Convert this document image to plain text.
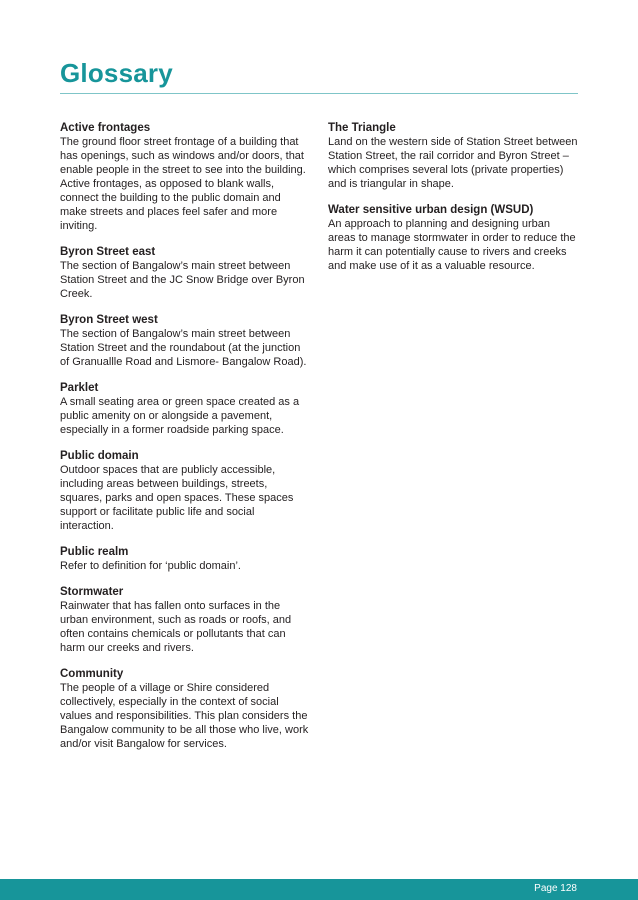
Glossary
Active frontages
The ground floor street frontage of a building that has openings, such as windows and/or doors, that enable people in the street to see into the building. Active frontages, as opposed to blank walls, connect the building to the public domain and make streets and places feel safer and more inviting.
Byron Street east
The section of Bangalow’s main street between Station Street and the JC Snow Bridge over Byron Creek.
Byron Street west
The section of Bangalow’s main street between Station Street and the roundabout (at the junction of Granuallle Road and Lismore- Bangalow Road).
Parklet
A small seating area or green space created as a public amenity on or alongside a pavement, especially in a former roadside parking space.
Public domain
Outdoor spaces that are publicly accessible, including areas between buildings, streets, squares, parks and open spaces. These spaces support or facilitate public life and social interaction.
Public realm
Refer to definition for ‘public domain’.
Stormwater
Rainwater that has fallen onto surfaces in the urban environment, such as roads or roofs, and often contains chemicals or pollutants that can harm our creeks and rivers.
Community
The people of a village or Shire considered collectively, especially in the context of social values and responsibilities. This plan considers the Bangalow community to be all those who live, work and/or visit Bangalow for services.
The Triangle
Land on the western side of Station Street between Station Street, the rail corridor and Byron Street – which comprises several lots (private properties) and is triangular in shape.
Water sensitive urban design (WSUD)
An approach to planning and designing urban areas to manage stormwater in order to reduce the harm it can potentially cause to rivers and creeks and make use of it as a valuable resource.
Page 128
